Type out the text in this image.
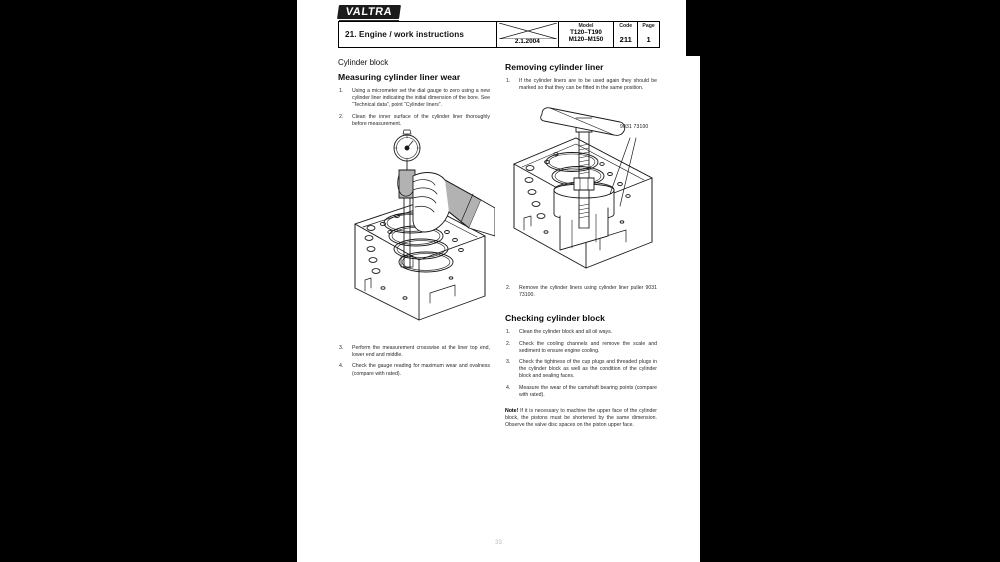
VALTRA
21. Engine / work instructions
2.1.2004
Model
T120–T190
M120–M150
Code
211
Page
1
Cylinder block
Measuring cylinder liner wear
Using a micrometer set the dial gauge to zero using a new cylinder liner indicating the initial dimension of the bore. See “Technical data”, point “Cylinder liners”.
Clean the inner surface of the cylinder liner thoroughly before measurement.
Perform the measurement crosswise at the liner top end, lower end and middle.
Check the gauge reading for maximum wear and ovalness (compare with rated).
Removing cylinder liner
If the cylinder liners are to be used again they should be marked so that they can be fitted in the same position.
9031 73100
Remove the cylinder liners using cylinder liner puller 9031 73100.
Checking cylinder block
Clean the cylinder block and all oil ways.
Check the cooling channels and remove the scale and sediment to ensure engine cooling.
Check the tightness of the cup plugs and threaded plugs in the cylinder block as well as the condition of the cylinder block and sealing faces.
Measure the wear of the camshaft bearing points (compare with rated).

Note! If it is necessary to machine the upper face of the cylinder block, the pistons must be shortened by the same dimension. Observe the valve disc spaces on the piston upper face.

33
